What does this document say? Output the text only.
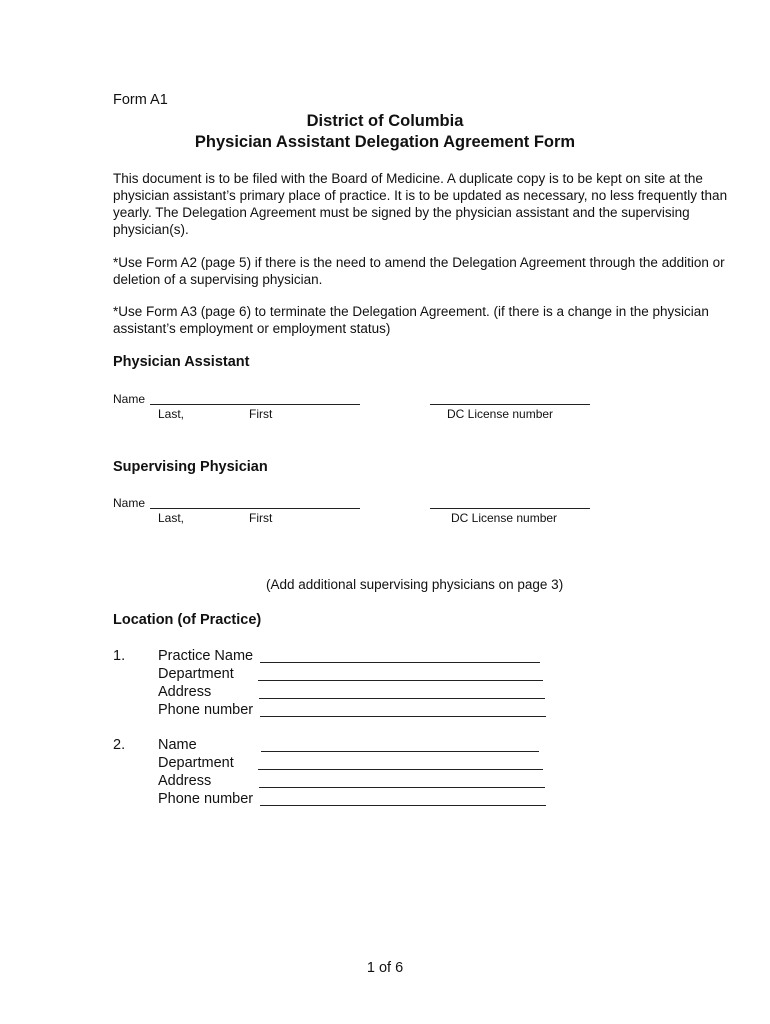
Form A1
District of Columbia
Physician Assistant Delegation Agreement Form
This document is to be filed with the Board of Medicine. A duplicate copy is to be kept on site at the physician assistant’s primary place of practice. It is to be updated as necessary, no less frequently than yearly. The Delegation Agreement must be signed by the physician assistant and the supervising physician(s).
*Use Form A2 (page 5) if there is the need to amend the Delegation Agreement through the addition or deletion of a supervising physician.
*Use Form A3 (page 6) to terminate the Delegation Agreement. (if there is a change in the physician assistant’s employment or employment status)
Physician Assistant
Name
Last,	First	DC License number
Supervising Physician
Name
Last,	First	DC License number
(Add additional supervising physicians on page 3)
Location (of Practice)
1. Practice Name
Department
Address
Phone number
2. Name
Department
Address
Phone number
1 of 6
